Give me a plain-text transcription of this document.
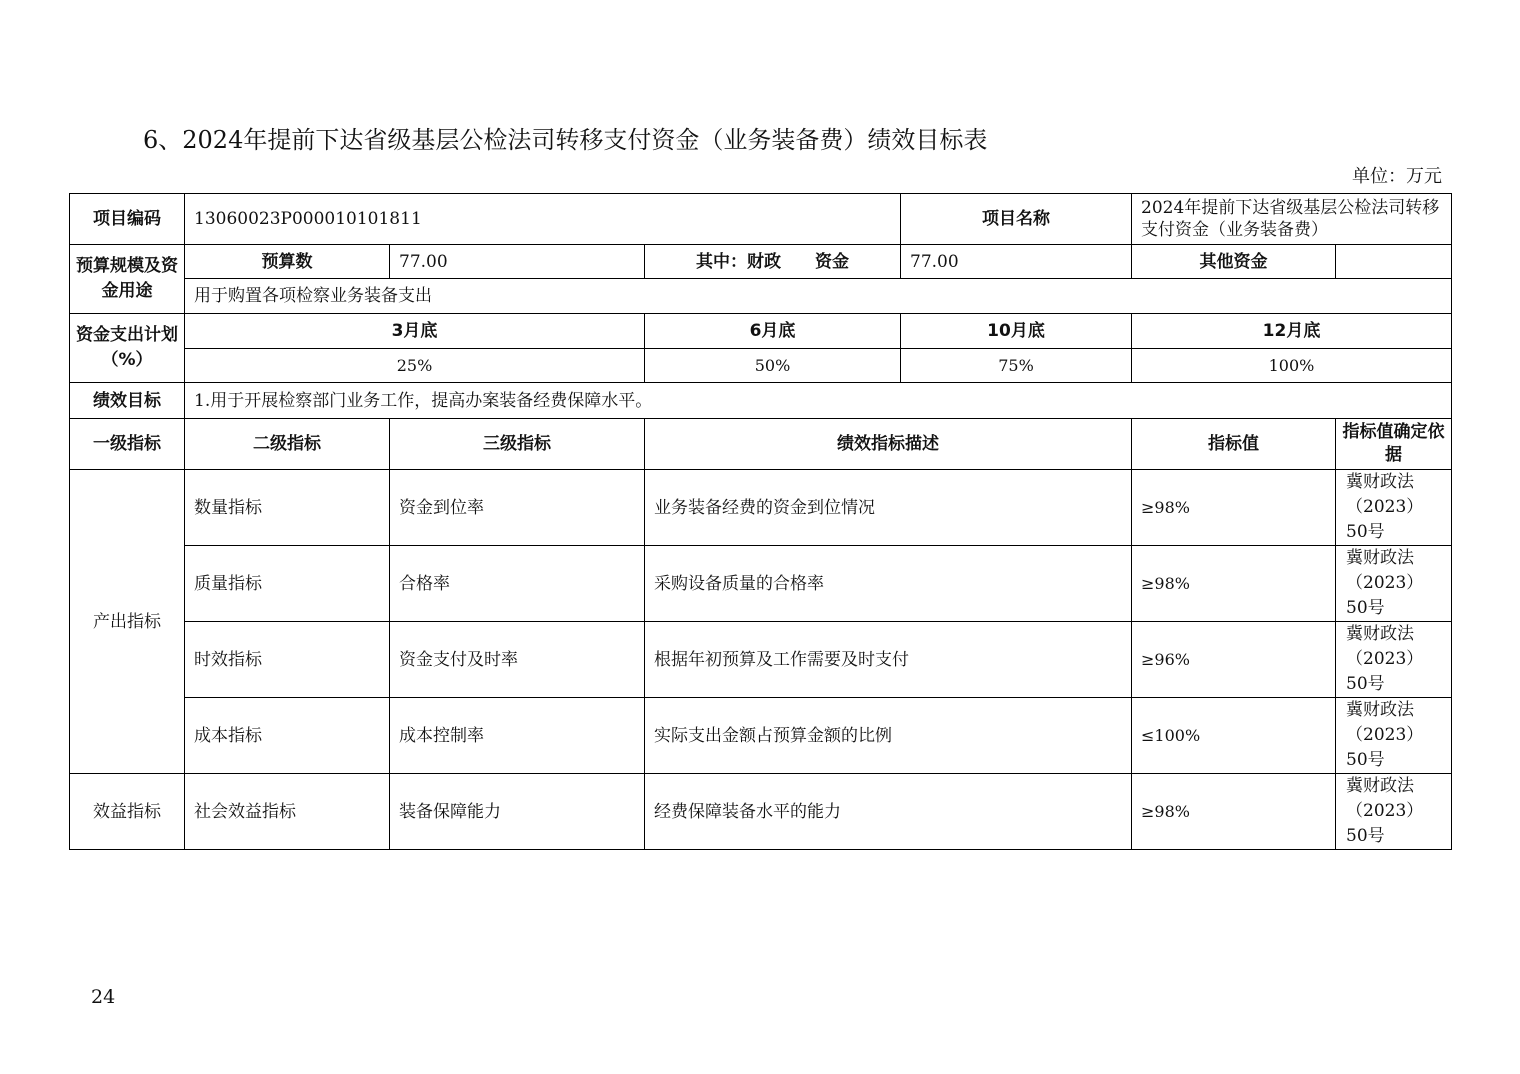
6、2024年提前下达省级基层公检法司转移支付资金（业务装备费）绩效目标表
单位：万元
项目编码	13060023P000010101811			项目名称	2024年提前下达省级基层公检法司转移支付资金（业务装备费）	
预算规模及资金用途	预算数	77.00	其中：财政　　资金	77.00	其他资金	
	用于购置各项检察业务装备支出					
资金支出计划（%）	3月底		6月底	10月底	12月底	
	25%		50%	75%	100%	
绩效目标	1.用于开展检察部门业务工作，提高办案装备经费保障水平。					
一级指标	二级指标	三级指标	绩效指标描述		指标值	指标值确定依据
产出指标	数量指标	资金到位率	业务装备经费的资金到位情况		≥98%	冀财政法（2023）50号
	质量指标	合格率	采购设备质量的合格率		≥98%	冀财政法（2023）50号
	时效指标	资金支付及时率	根据年初预算及工作需要及时支付		≥96%	冀财政法（2023）50号
	成本指标	成本控制率	实际支出金额占预算金额的比例		≤100%	冀财政法（2023）50号
效益指标	社会效益指标	装备保障能力	经费保障装备水平的能力		≥98%	冀财政法（2023）50号
24
